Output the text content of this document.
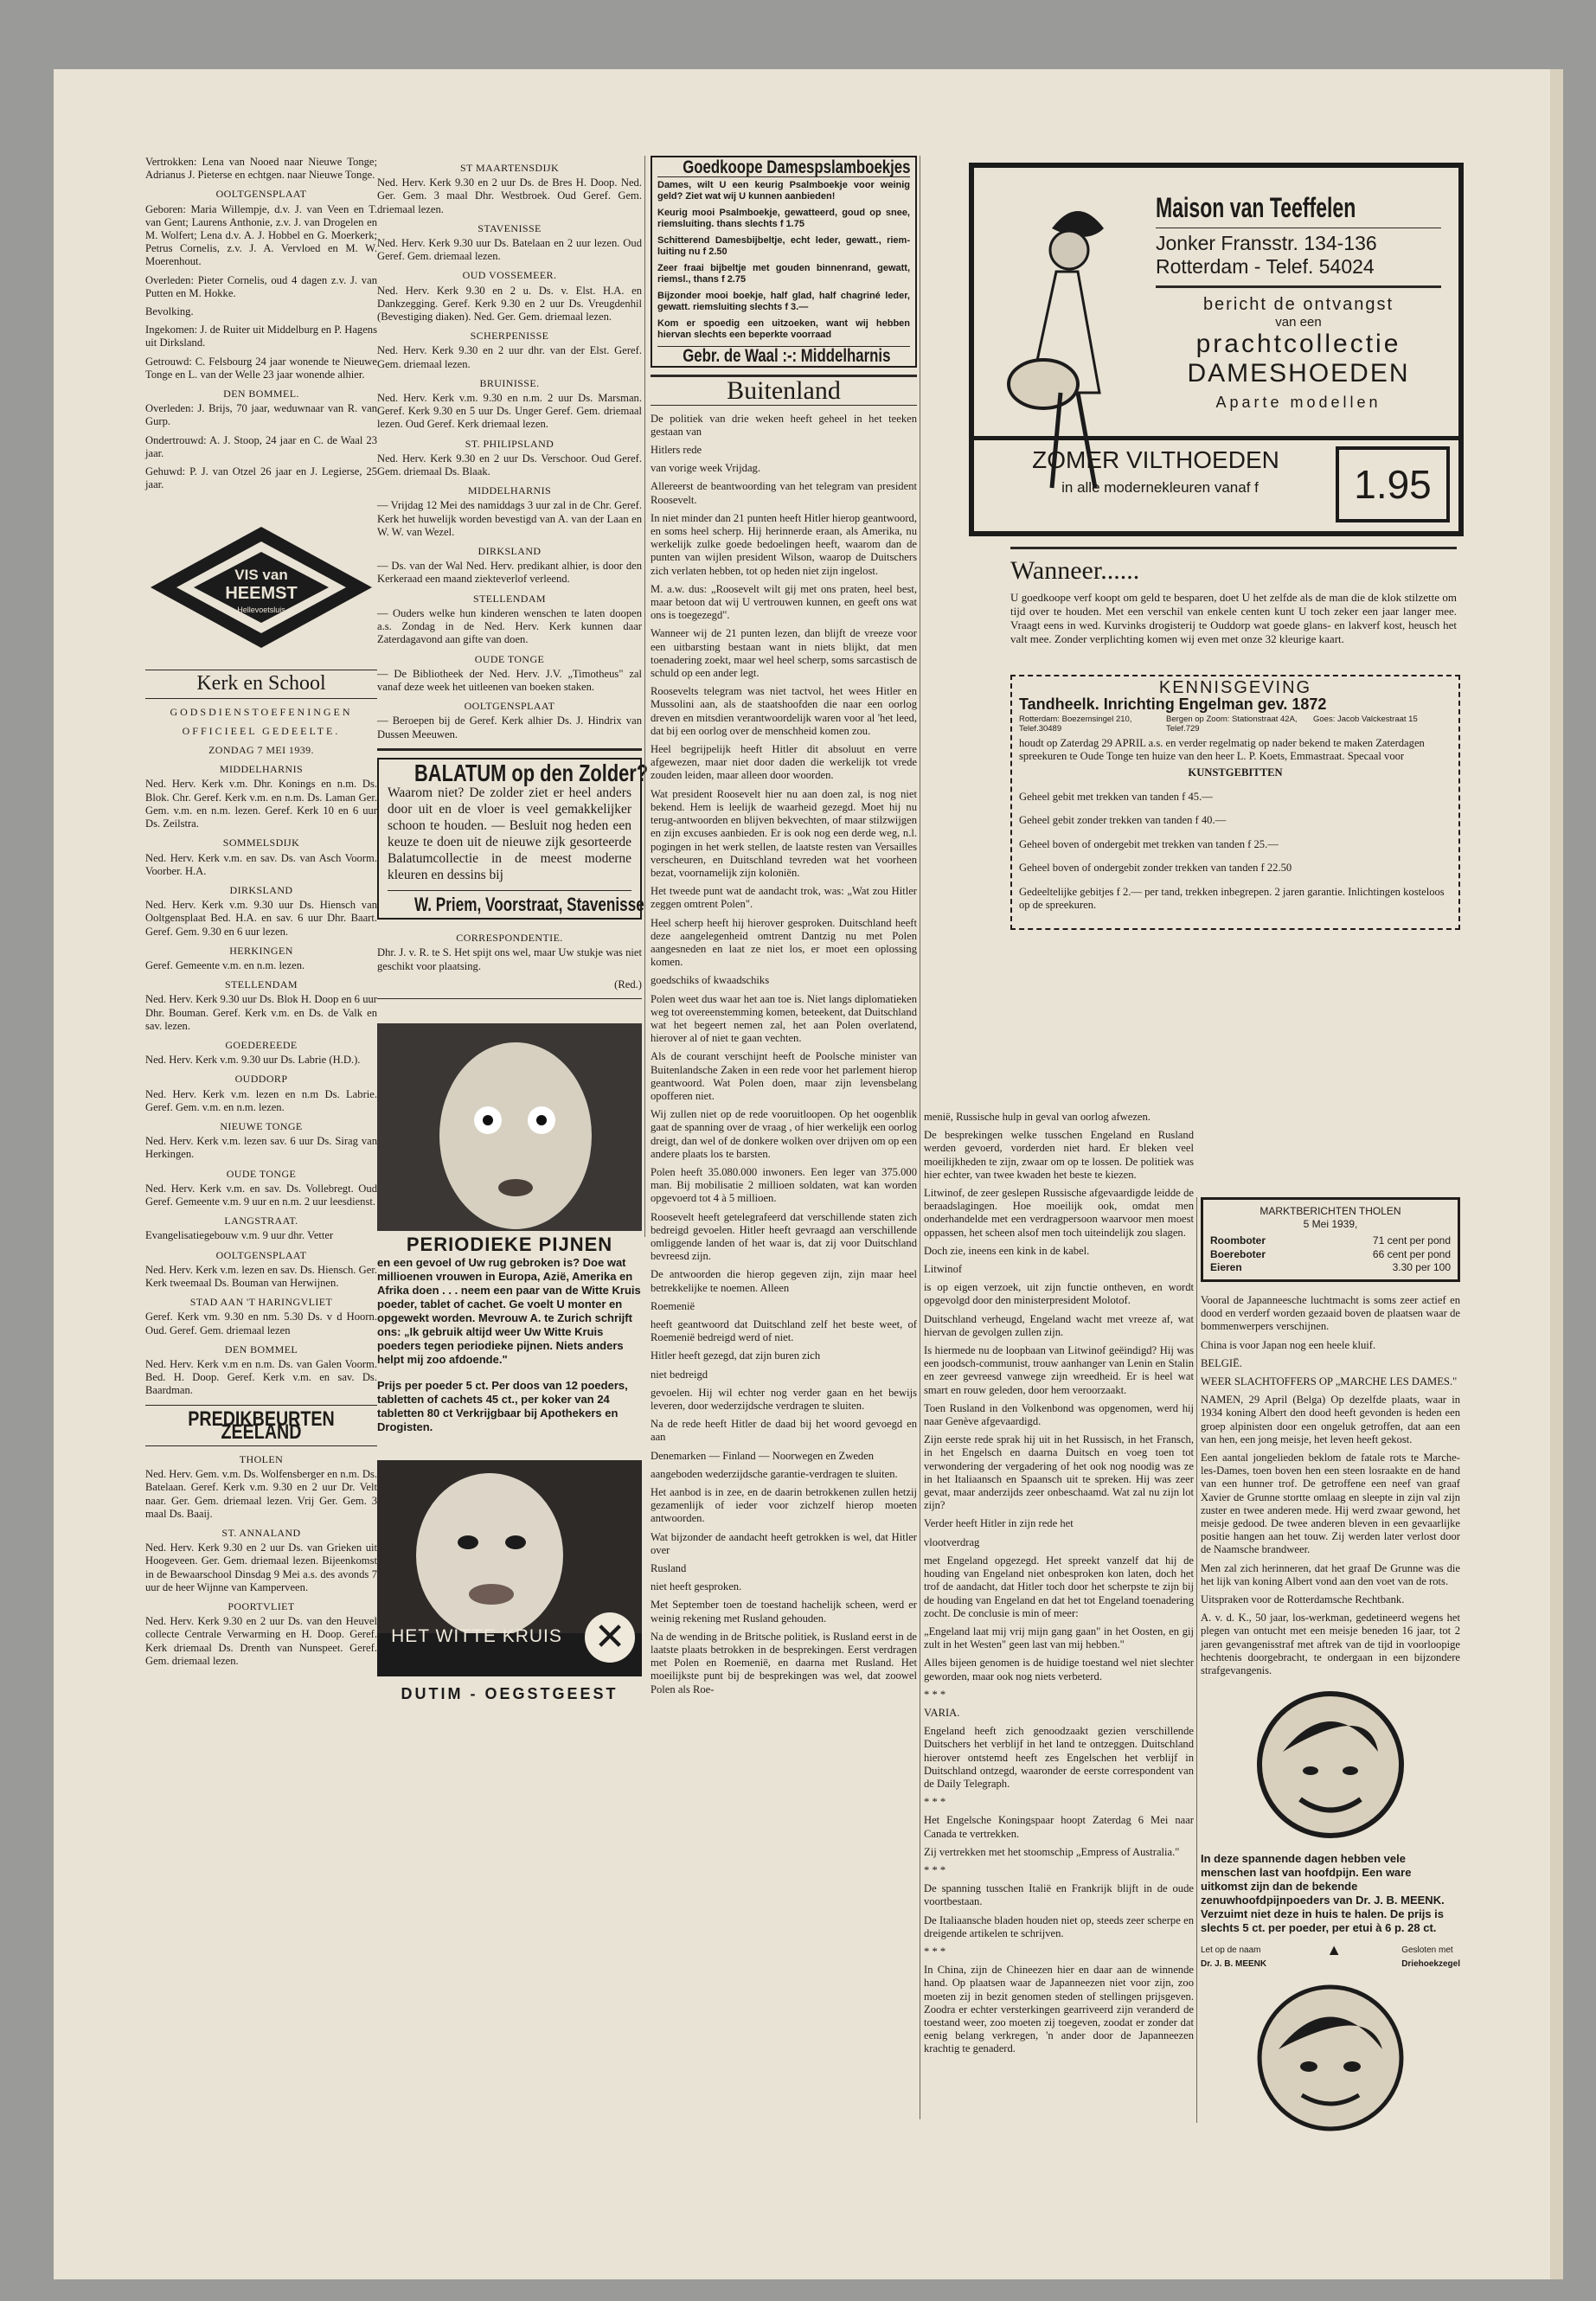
Vertrokken: Lena van Nooed naar Nieuwe Tonge; Adrianus J. Pieterse en echtgen. naar Nieuwe Tonge.

OOLTGENSPLAAT

Geboren: Maria Willempje, d.v. J. van Veen en T. van Gent; Laurens Anthonie, z.v. J. van Drogelen en M. Wolfert; Lena d.v. A. J. Hobbel en G. Moerkerk; Petrus Cornelis, z.v. J. A. Vervloed en M. W. Moerenhout.

Overleden: Pieter Cornelis, oud 4 dagen z.v. J. van Putten en M. Hokke.

Bevolking.

Ingekomen: J. de Ruiter uit Middelburg en P. Hagens uit Dirksland.

Getrouwd: C. Felsbourg 24 jaar wonende te Nieuwe Tonge en L. van der Welle 23 jaar wonende alhier.

DEN BOMMEL.

Overleden: J. Brijs, 70 jaar, weduwnaar van R. van Gurp.

Ondertrouwd: A. J. Stoop, 24 jaar en C. de Waal 23 jaar.

Gehuwd: P. J. van Otzel 26 jaar en J. Legierse, 25 jaar.

VIS van
HEEMST
Hellevoetsluis
Kerk en School
GODSDIENSTOEFENINGEN
OFFICIEEL GEDEELTE.
ZONDAG 7 MEI 1939.
MIDDELHARNIS

Ned. Herv. Kerk v.m. Dhr. Konings en n.m. Ds. Blok. Chr. Geref. Kerk v.m. en n.m. Ds. Laman Ger. Gem. v.m. en n.m. lezen. Geref. Kerk 10 en 6 uur Ds. Zeilstra.

SOMMELSDIJK

Ned. Herv. Kerk v.m. en sav. Ds. van Asch Voorm. Voorber. H.A.

DIRKSLAND

Ned. Herv. Kerk v.m. 9.30 uur Ds. Hiensch van Ooltgensplaat Bed. H.A. en sav. 6 uur Dhr. Baart. Geref. Gem. 9.30 en 6 uur lezen.

HERKINGEN

Geref. Gemeente v.m. en n.m. lezen.

STELLENDAM

Ned. Herv. Kerk 9.30 uur Ds. Blok H. Doop en 6 uur Dhr. Bouman. Geref. Kerk v.m. en Ds. de Valk en sav. lezen.

GOEDEREEDE

Ned. Herv. Kerk v.m. 9.30 uur Ds. Labrie (H.D.).

OUDDORP

Ned. Herv. Kerk v.m. lezen en n.m Ds. Labrie. Geref. Gem. v.m. en n.m. lezen.

NIEUWE TONGE

Ned. Herv. Kerk v.m. lezen sav. 6 uur Ds. Sirag van Herkingen.

OUDE TONGE

Ned. Herv. Kerk v.m. en sav. Ds. Vollebregt. Oud Geref. Gemeente v.m. 9 uur en n.m. 2 uur leesdienst.

LANGSTRAAT.

Evangelisatiegebouw v.m. 9 uur dhr. Vetter

OOLTGENSPLAAT

Ned. Herv. Kerk v.m. lezen en sav. Ds. Hiensch. Ger. Kerk tweemaal Ds. Bouman van Herwijnen.

STAD AAN 'T HARINGVLIET

Geref. Kerk vm. 9.30 en nm. 5.30 Ds. v d Hoorn. Oud. Geref. Gem. driemaal lezen

DEN BOMMEL

Ned. Herv. Kerk v.m en n.m. Ds. van Galen Voorm. Bed. H. Doop. Geref. Kerk v.m. en sav. Ds. Baardman.

PREDIKBEURTEN ZEELAND
THOLEN

Ned. Herv. Gem. v.m. Ds. Wolfensberger en n.m. Ds. Batelaan. Geref. Kerk v.m. 9.30 en 2 uur Dr. Velt naar. Ger. Gem. driemaal lezen. Vrij Ger. Gem. 3 maal Ds. Baaij.

ST. ANNALAND

Ned. Herv. Kerk 9.30 en 2 uur Ds. van Grieken uit Hoogeveen. Ger. Gem. driemaal lezen. Bijeenkomst in de Bewaarschool Dinsdag 9 Mei a.s. des avonds 7 uur de heer Wijnne van Kamperveen.

POORTVLIET

Ned. Herv. Kerk 9.30 en 2 uur Ds. van den Heuvel collecte Centrale Verwarming en H. Doop. Geref. Kerk driemaal Ds. Drenth van Nunspeet. Geref. Gem. driemaal lezen.

ST MAARTENSDIJK

Ned. Herv. Kerk 9.30 en 2 uur Ds. de Bres H. Doop. Ned. Ger. Gem. 3 maal Dhr. Westbroek. Oud Geref. Gem. driemaal lezen.

STAVENISSE

Ned. Herv. Kerk 9.30 uur Ds. Batelaan en 2 uur lezen. Oud Geref. Gem. driemaal lezen.

OUD VOSSEMEER.

Ned. Herv. Kerk 9.30 en 2 u. Ds. v. Elst. H.A. en Dankzegging. Geref. Kerk 9.30 en 2 uur Ds. Vreugdenhil (Bevestiging diaken). Ned. Ger. Gem. driemaal lezen.

SCHERPENISSE

Ned. Herv. Kerk 9.30 en 2 uur dhr. van der Elst. Geref. Gem. driemaal lezen.

BRUINISSE.

Ned. Herv. Kerk v.m. 9.30 en n.m. 2 uur Ds. Marsman. Geref. Kerk 9.30 en 5 uur Ds. Unger Geref. Gem. driemaal lezen. Oud Geref. Kerk driemaal lezen.

ST. PHILIPSLAND

Ned. Herv. Kerk 9.30 en 2 uur Ds. Verschoor. Oud Geref. Gem. driemaal Ds. Blaak.

MIDDELHARNIS

— Vrijdag 12 Mei des namiddags 3 uur zal in de Chr. Geref. Kerk het huwelijk worden bevestigd van A. van der Laan en W. W. van Wezel.

DIRKSLAND

— Ds. van der Wal Ned. Herv. predikant alhier, is door den Kerkeraad een maand ziekteverlof verleend.

STELLENDAM

— Ouders welke hun kinderen wenschen te laten doopen a.s. Zondag in de Ned. Herv. Kerk kunnen daar Zaterdagavond aan gifte van doen.

OUDE TONGE

— De Bibliotheek der Ned. Herv. J.V. „Timotheus" zal vanaf deze week het uitleenen van boeken staken.

OOLTGENSPLAAT

— Beroepen bij de Geref. Kerk alhier Ds. J. Hindrix van Dussen Meeuwen.

BALATUM op den Zolder?
Waarom niet? De zolder ziet er heel anders door uit en de vloer is veel gemakkelijker schoon te houden. — Besluit nog heden een keuze te doen uit de nieuwe zijk gesorteerde Balatumcollectie in de meest moderne kleuren en dessins bij
W. Priem, Voorstraat, Stavenisse
CORRESPONDENTIE.

Dhr. J. v. R. te S. Het spijt ons wel, maar Uw stukje was niet geschikt voor plaatsing.

(Red.)

PERIODIEKE PIJNEN
en een gevoel of Uw rug gebroken is? Doe wat millioenen vrouwen in Europa, Azië, Amerika en Afrika doen . . . neem een paar van de Witte Kruis poeder, tablet of cachet. Ge voelt U monter en opgewekt worden. Mevrouw A. te Zurich schrijft ons: „Ik gebruik altijd weer Uw Witte Kruis poeders tegen periodieke pijnen. Niets anders helpt mij zoo afdoende."
Prijs per poeder 5 ct. Per doos van 12 poeders, tabletten of cachets 45 ct., per koker van 24 tabletten 80 ct Verkrijgbaar bij Apothekers en Drogisten.
HET WITTE KRUIS ✕
DUTIM - OEGSTGEEST
Goedkoope Damespslamboekjes

Dames, wilt U een keurig Psalmboekje voor weinig geld? Ziet wat wij U kunnen aanbieden!

Keurig mooi Psalmboekje, gewatteerd, goud op snee, riemsluiting. thans slechts f 1.75

Schitterend Damesbijbeltje, echt leder, gewatt., riem-luiting nu f 2.50

Zeer fraai bijbeltje met gouden binnenrand, gewatt, riemsl., thans f 2.75

Bijzonder mooi boekje, half glad, half chagriné leder, gewatt. riemsluiting slechts f 3.—

Kom er spoedig een uitzoeken, want wij hebben hiervan slechts een beperkte voorraad

Gebr. de Waal :-: Middelharnis
Buitenland

De politiek van drie weken heeft geheel in het teeken gestaan van

Hitlers rede

van vorige week Vrijdag.

Allereerst de beantwoording van het telegram van president Roosevelt.

In niet minder dan 21 punten heeft Hitler hierop geantwoord, en soms heel scherp. Hij herinnerde eraan, als Amerika, nu werkelijk zulke goede bedoelingen heeft, waarom dan de punten van wijlen president Wilson, waarop de Duitschers zich verlaten hebben, tot op heden niet zijn ingelost.

M. a.w. dus: „Roosevelt wilt gij met ons praten, heel best, maar betoon dat wij U vertrouwen kunnen, en geeft ons wat ons is toegezegd".

Wanneer wij de 21 punten lezen, dan blijft de vreeze voor een uitbarsting bestaan want in niets blijkt, dat men toenadering zoekt, maar wel heel scherp, soms sarcastisch de schuld op een ander legt.

Roosevelts telegram was niet tactvol, het wees Hitler en Mussolini aan, als de staatshoofden die naar een oorlog dreven en mitsdien verantwoordelijk waren voor al 'het leed, dat bij een oorlog over de menschheid komen zou.

Heel begrijpelijk heeft Hitler dit absoluut en verre afgewezen, maar niet door daden die werkelijk tot vrede zouden leiden, maar alleen door woorden.

Wat president Roosevelt hier nu aan doen zal, is nog niet bekend. Hem is leelijk de waarheid gezegd. Moet hij nu terug-antwoorden en blijven bekvechten, of maar stilzwijgen en zijn excuses aanbieden. Er is ook nog een derde weg, n.l. pogingen in het werk stellen, de laatste resten van Versailles verscheuren, en Duitschland tevreden wat het voorheen bezat, voornamelijk zijn koloniën.

Het tweede punt wat de aandacht trok, was: „Wat zou Hitler zeggen omtrent Polen".

Heel scherp heeft hij hierover gesproken. Duitschland heeft deze aangelegenheid omtrent Dantzig nu met Polen aangesneden en laat ze niet los, er moet een oplossing komen.

goedschiks of kwaadschiks

Polen weet dus waar het aan toe is. Niet langs diplomatieken weg tot overeenstemming komen, beteekent, dat Duitschland wat het begeert nemen zal, het aan Polen overlatend, hierover al of niet te gaan vechten.

Als de courant verschijnt heeft de Poolsche minister van Buitenlandsche Zaken in een rede voor het parlement hierop geantwoord. Wat Polen doen, maar zijn levensbelang opofferen niet.

Wij zullen niet op de rede vooruitloopen. Op het oogenblik gaat de spanning over de vraag , of hier werkelijk een oorlog dreigt, dan wel of de donkere wolken over drijven om op een andere plaats los te barsten.

Polen heeft 35.080.000 inwoners. Een leger van 375.000 man. Bij mobilisatie 2 millioen soldaten, wat kan worden opgevoerd tot 4 à 5 millioen.

Roosevelt heeft getelegrafeerd dat verschillende staten zich bedreigd gevoelen. Hitler heeft gevraagd aan verschillende omliggende landen of het waar is, dat zij voor Duitschland bevreesd zijn.

De antwoorden die hierop gegeven zijn, zijn maar heel betrekkelijke te noemen. Alleen

Roemenië

heeft geantwoord dat Duitschland zelf het beste weet, of Roemenië bedreigd werd of niet.

Hitler heeft gezegd, dat zijn buren zich

niet bedreigd

gevoelen. Hij wil echter nog verder gaan en het bewijs leveren, door wederzijdsche verdragen te sluiten.

Na de rede heeft Hitler de daad bij het woord gevoegd en aan

Denemarken — Finland — Noorwegen en Zweden

aangeboden wederzijdsche garantie-verdragen te sluiten.

Het aanbod is in zee, en de daarin betrokkenen zullen hetzij gezamenlijk of ieder voor zichzelf hierop moeten antwoorden.

Wat bijzonder de aandacht heeft getrokken is wel, dat Hitler over

Rusland

niet heeft gesproken.

Met September toen de toestand hachelijk scheen, werd er weinig rekening met Rusland gehouden.

Na de wending in de Britsche politiek, is Rusland eerst in de laatste plaats betrokken in de besprekingen. Eerst verdragen met Polen en Roemenië, en daarna met Rusland. Het moeilijkste punt bij de besprekingen was wel, dat zoowel Polen als Roe-

menië, Russische hulp in geval van oorlog afwezen.

De besprekingen welke tusschen Engeland en Rusland werden gevoerd, vorderden niet hard. Er bleken veel moeilijkheden te zijn, zwaar om op te lossen. De politiek was hier echter, van twee kwaden het beste te kiezen.

Litwinof, de zeer geslepen Russische afgevaardigde leidde de beraadslagingen. Hoe moeilijk ook, omdat men onderhandelde met een verdragpersoon waarvoor men moest oppassen, het scheen alsof men toch uiteindelijk zou slagen.

Doch zie, ineens een kink in de kabel.

Litwinof

is op eigen verzoek, uit zijn functie ontheven, en wordt opgevolgd door den ministerpresident Molotof.

Duitschland verheugd, Engeland wacht met vreeze af, wat hiervan de gevolgen zullen zijn.

Is hiermede nu de loopbaan van Litwinof geëindigd? Hij was een joodsch-communist, trouw aanhanger van Lenin en Stalin en zeer gevreesd vanwege zijn wreedheid. Er is heel wat smart en rouw geleden, door hem veroorzaakt.

Toen Rusland in den Volkenbond was opgenomen, werd hij naar Genève afgevaardigd.

Zijn eerste rede sprak hij uit in het Russisch, in het Fransch, in het Engelsch en daarna Duitsch en voeg toen tot verwondering der vergadering of het ook nog noodig was ze in het Italiaansch en Spaansch uit te spreken. Hij was zeer gevat, maar anderzijds zeer onbeschaamd. Wat zal nu zijn lot zijn?

Verder heeft Hitler in zijn rede het

vlootverdrag

met Engeland opgezegd. Het spreekt vanzelf dat hij de houding van Engeland niet onbesproken kon laten, doch het trof de aandacht, dat Hitler toch door het scherpste te zijn bij de houding van Engeland en dat het tot Engeland toenadering zocht. De conclusie is min of meer:

„Engeland laat mij vrij mijn gang gaan" in het Oosten, en gij zult in het Westen" geen last van mij hebben."

Alles bijeen genomen is de huidige toestand wel niet slechter geworden, maar ook nog niets verbeterd.

* * *

VARIA.

Engeland heeft zich genoodzaakt gezien verschillende Duitschers het verblijf in het land te ontzeggen. Duitschland hierover ontstemd heeft zes Engelschen het verblijf in Duitschland ontzegd, waaronder de eerste correspondent van de Daily Telegraph.

* * *

Het Engelsche Koningspaar hoopt Zaterdag 6 Mei naar Canada te vertrekken.

Zij vertrekken met het stoomschip „Empress of Australia."

* * *

De spanning tusschen Italië en Frankrijk blijft in de oude voortbestaan.

De Italiaansche bladen houden niet op, steeds zeer scherpe en dreigende artikelen te schrijven.

* * *

In China, zijn de Chineezen hier en daar aan de winnende hand. Op plaatsen waar de Japanneezen niet voor zijn, zoo moeten zij in bezit genomen steden of stellingen prijsgeven. Zoodra er echter versterkingen gearriveerd zijn veranderd de toestand weer, zoo moeten zij toegeven, zoodat er zonder dat eenig belang verkregen, 'n ander door de Japanneezen krachtig te genaderd.

Maison van Teeffelen
Jonker Fransstr. 134-136
Rotterdam - Telef. 54024
bericht de ontvangst
van een
prachtcollectie
DAMESHOEDEN
Aparte modellen
ZOMER VILTHOEDEN
in alle modernekleuren vanaf f	1.95
Wanneer......
U goedkoope verf koopt om geld te besparen, doet U het zelfde als de man die de klok stilzette om tijd over te houden. Met een verschil van enkele centen kunt U toch zeker een jaar langer mee. Vraagt eens in wed. Kurvinks drogisterij te Ouddorp wat goede glans- en lakverf kost, heusch het valt mee. Zonder verplichting komen wij even met onze 32 kleurige kaart.
KENNISGEVING
Tandheelk. Inrichting Engelman gev. 1872
Rotterdam: Boezemsingel 210, Telef.30489
Bergen op Zoom: Stationstraat 42A, Telef.729
Goes: Jacob Valckestraat 15

houdt op Zaterdag 29 APRIL a.s. en verder regelmatig op nader bekend te maken Zaterdagen spreekuren te Oude Tonge ten huize van den heer L. P. Koets, Emmastraat. Specaal voor

KUNSTGEBITTEN

Geheel gebit met trekken van tanden f 45.—

Geheel gebit zonder trekken van tanden f 40.—

Geheel boven of ondergebit met trekken van tanden f 25.—

Geheel boven of ondergebit zonder trekken van tanden f 22.50

Gedeeltelijke gebitjes f 2.— per tand, trekken inbegrepen. 2 jaren garantie. Inlichtingen kosteloos op de spreekuren.

MARKTBERICHTEN THOLEN
5 Mei 1939,
Roomboter	71 cent per pond
Boereboter	66 cent per pond
Eieren	3.30 per 100

Vooral de Japanneesche luchtmacht is soms zeer actief en dood en verderf worden gezaaid boven de plaatsen waar de bommenwerpers verschijnen.

China is voor Japan nog een heele kluif.

BELGIË.

WEER SLACHTOFFERS OP „MARCHE LES DAMES."

NAMEN, 29 April (Belga) Op dezelfde plaats, waar in 1934 koning Albert den dood heeft gevonden is heden een groep alpinisten door een ongeluk getroffen, dat aan een van hen, een jong meisje, het leven heeft gekost.

Een aantal jongelieden beklom de fatale rots te Marche-les-Dames, toen boven hen een steen losraakte en de hand van een hunner trof. De getroffene een neef van graaf Xavier de Grunne stortte omlaag en sleepte in zijn val zijn zuster en twee anderen mede. Hij werd zwaar gewond, het meisje gedood. De twee anderen bleven in een gevaarlijke positie hangen aan het touw. Zij werden later verlost door de Naamsche brandweer.

Men zal zich herinneren, dat het graaf De Grunne was die het lijk van koning Albert vond aan den voet van de rots.

Uitspraken voor de Rotterdamsche Rechtbank.

A. v. d. K., 50 jaar, los-werkman, gedetineerd wegens het plegen van ontucht met een meisje beneden 16 jaar, tot 2 jaren gevangenisstraf met aftrek van de tijd in voorloopige hechtenis doorgebracht, te ondergaan in een bijzondere strafgevangenis.

In deze spannende dagen hebben vele menschen last van hoofdpijn. Een ware uitkomst zijn dan de bekende zenuwhoofdpijnpoeders van Dr. J. B. MEENK. Verzuimt niet deze in huis te halen. De prijs is slechts 5 ct. per poeder, per etui à 6 p. 28 ct.
Let op de naam
Dr. J. B. MEENK
▲	Gesloten met
Driehoekzegel
